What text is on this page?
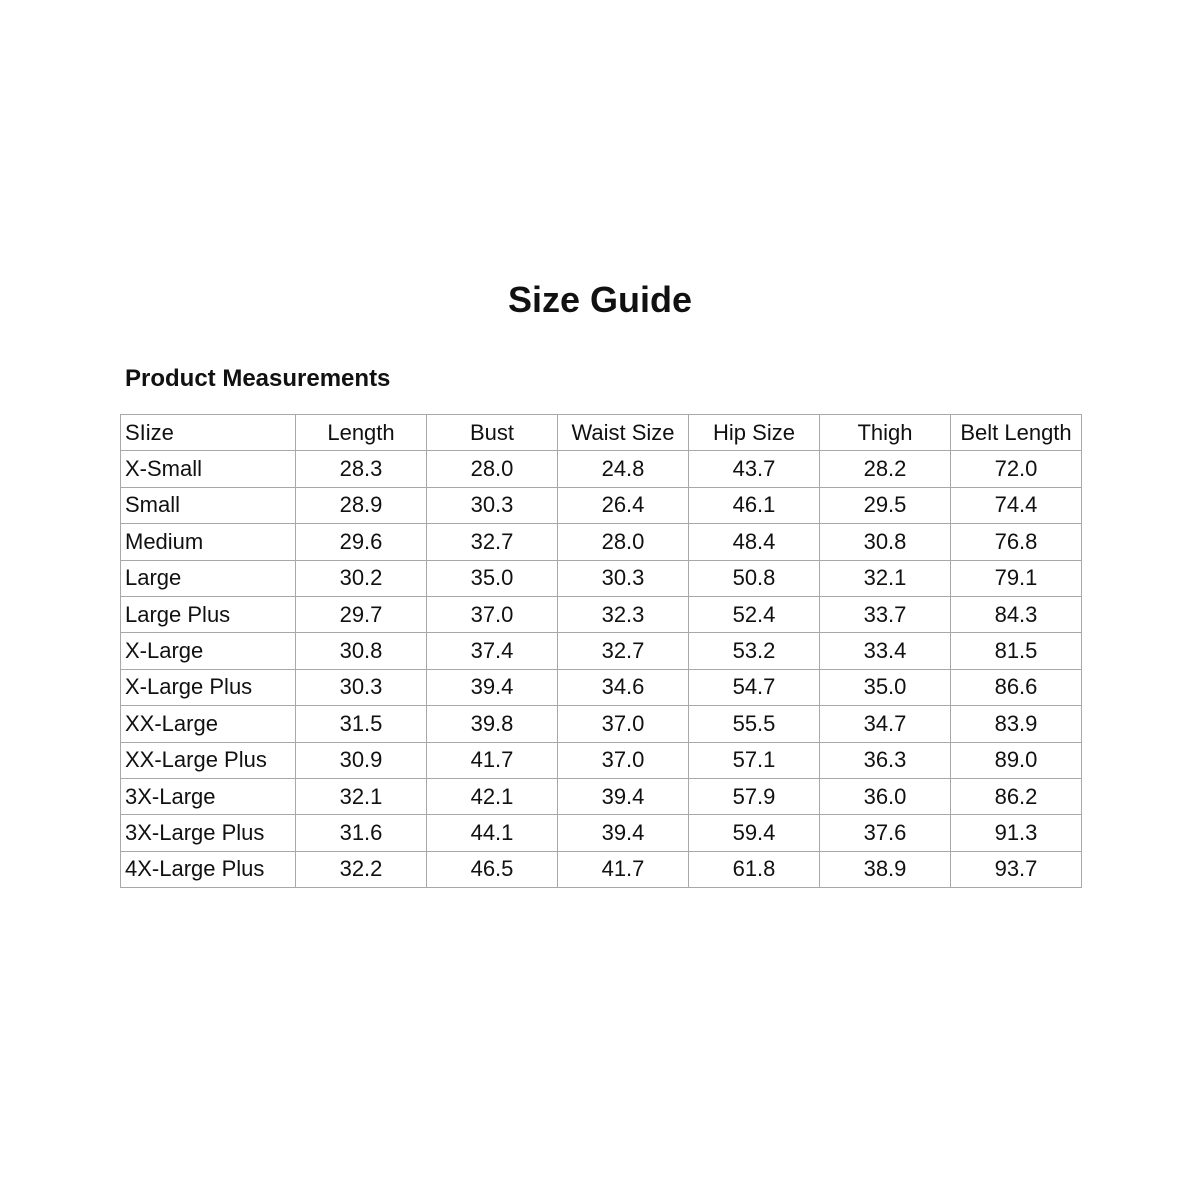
Size Guide
Product Measurements
SIize	Length	Bust	Waist Size	Hip Size	Thigh	Belt Length
X-Small	28.3	28.0	24.8	43.7	28.2	72.0
Small	28.9	30.3	26.4	46.1	29.5	74.4
Medium	29.6	32.7	28.0	48.4	30.8	76.8
Large	30.2	35.0	30.3	50.8	32.1	79.1
Large Plus	29.7	37.0	32.3	52.4	33.7	84.3
X-Large	30.8	37.4	32.7	53.2	33.4	81.5
X-Large Plus	30.3	39.4	34.6	54.7	35.0	86.6
XX-Large	31.5	39.8	37.0	55.5	34.7	83.9
XX-Large Plus	30.9	41.7	37.0	57.1	36.3	89.0
3X-Large	32.1	42.1	39.4	57.9	36.0	86.2
3X-Large Plus	31.6	44.1	39.4	59.4	37.6	91.3
4X-Large Plus	32.2	46.5	41.7	61.8	38.9	93.7
